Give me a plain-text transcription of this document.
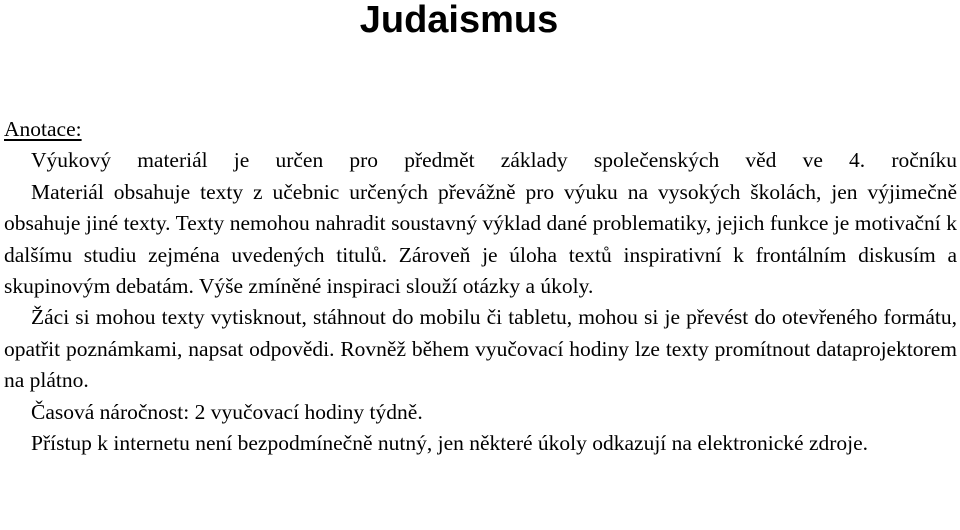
Judaismus
Anotace:
Výukový materiál je určen pro předmět základy společenských věd ve 4. ročníku
Materiál obsahuje texty z učebnic určených převážně pro výuku na vysokých školách, jen výjimečně obsahuje jiné texty. Texty nemohou nahradit soustavný výklad dané problematiky, jejich funkce je motivační k dalšímu studiu zejména uvedených titulů. Zároveň je úloha textů inspirativní k frontálním diskusím a skupinovým debatám. Výše zmíněné inspiraci slouží otázky a úkoly.
Žáci si mohou texty vytisknout, stáhnout do mobilu či tabletu, mohou si je převést do otevřeného formátu, opatřit poznámkami, napsat odpovědi. Rovněž během vyučovací hodiny lze texty promítnout dataprojektorem na plátno.
Časová náročnost: 2 vyučovací hodiny týdně.
Přístup k internetu není bezpodmínečně nutný, jen některé úkoly odkazují na elektronické zdroje.
